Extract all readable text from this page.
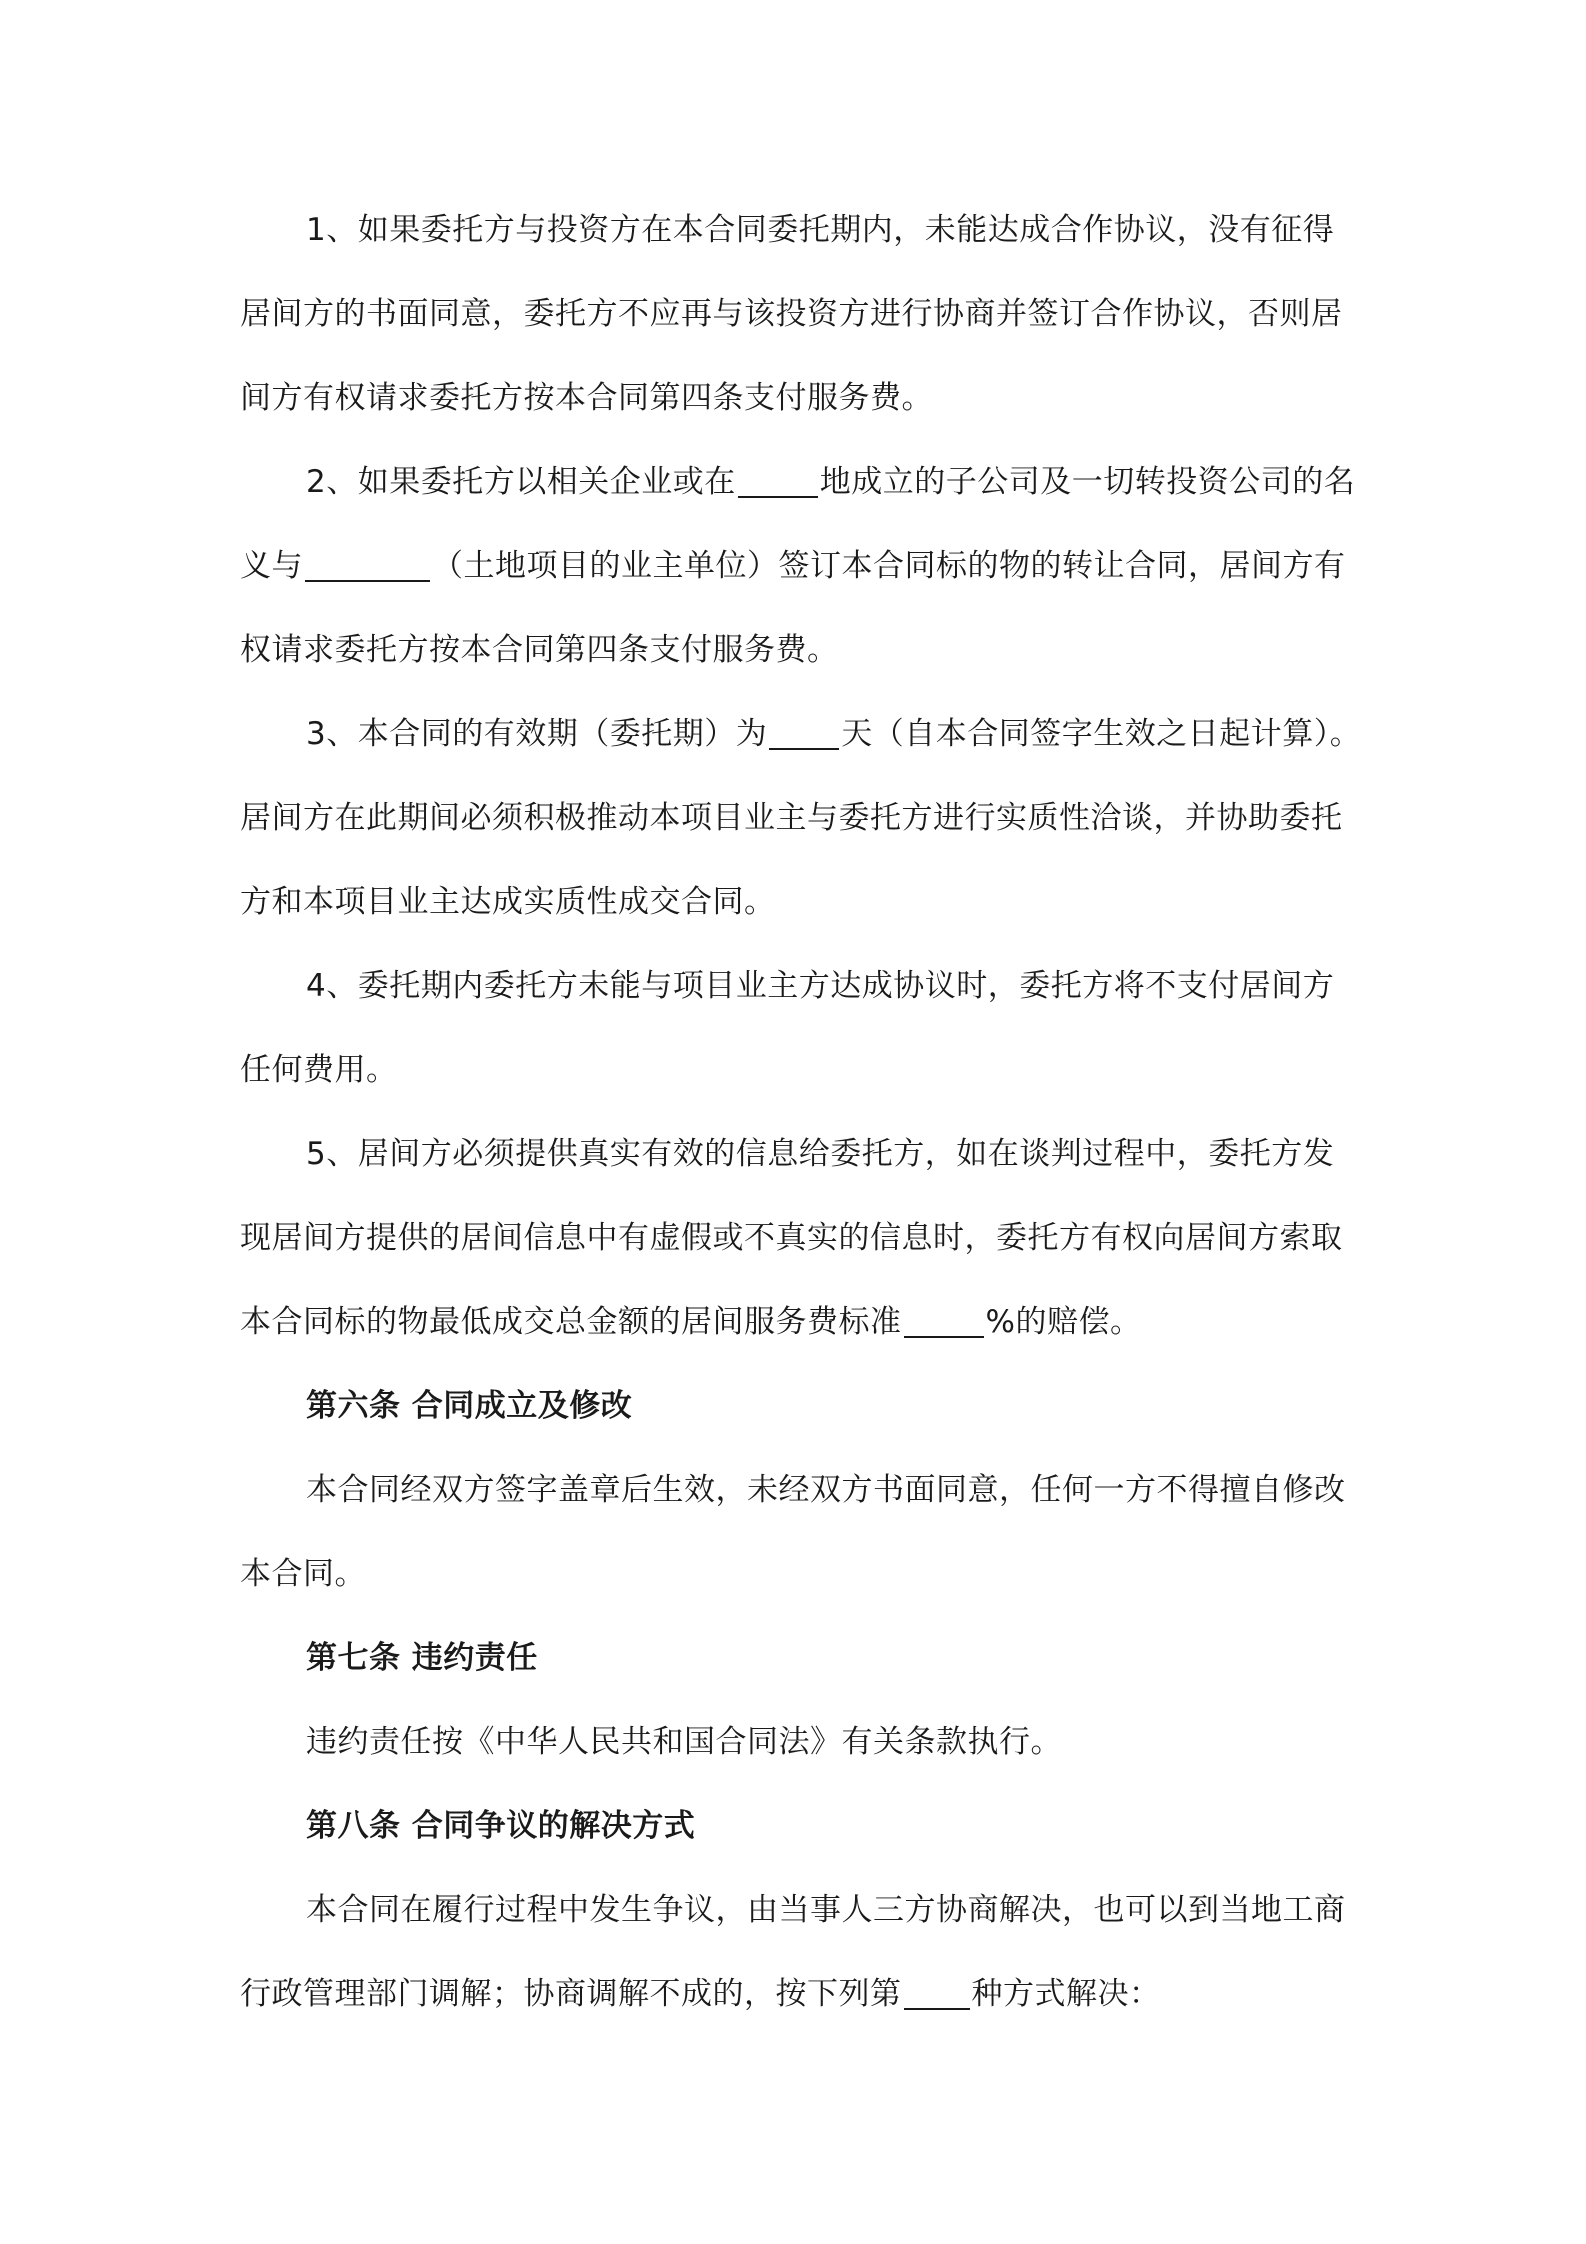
1、如果委托方与投资方在本合同委托期内，未能达成合作协议，没有征得
居间方的书面同意，委托方不应再与该投资方进行协商并签订合作协议，否则居
间方有权请求委托方按本合同第四条支付服务费。
2、如果委托方以相关企业或在	地成立的子公司及一切转投资公司的名
义与	（土地项目的业主单位）签订本合同标的物的转让合同，居间方有
权请求委托方按本合同第四条支付服务费。
3、本合同的有效期（委托期）为 天（自本合同签字生效之日起计算）。
居间方在此期间必须积极推动本项目业主与委托方进行实质性洽谈，并协助委托
方和本项目业主达成实质性成交合同。
4、委托期内委托方未能与项目业主方达成协议时，委托方将不支付居间方
任何费用。
5、居间方必须提供真实有效的信息给委托方，如在谈判过程中，委托方发
现居间方提供的居间信息中有虚假或不真实的信息时，委托方有权向居间方索取
本合同标的物最低成交总金额的居间服务费标准	%的赔偿。
第六条 合同成立及修改
本合同经双方签字盖章后生效，未经双方书面同意，任何一方不得擅自修改
本合同。
第七条 违约责任
违约责任按《中华人民共和国合同法》有关条款执行。
第八条 合同争议的解决方式
本合同在履行过程中发生争议，由当事人三方协商解决，也可以到当地工商
行政管理部门调解；协商调解不成的，按下列第 种方式解决：
